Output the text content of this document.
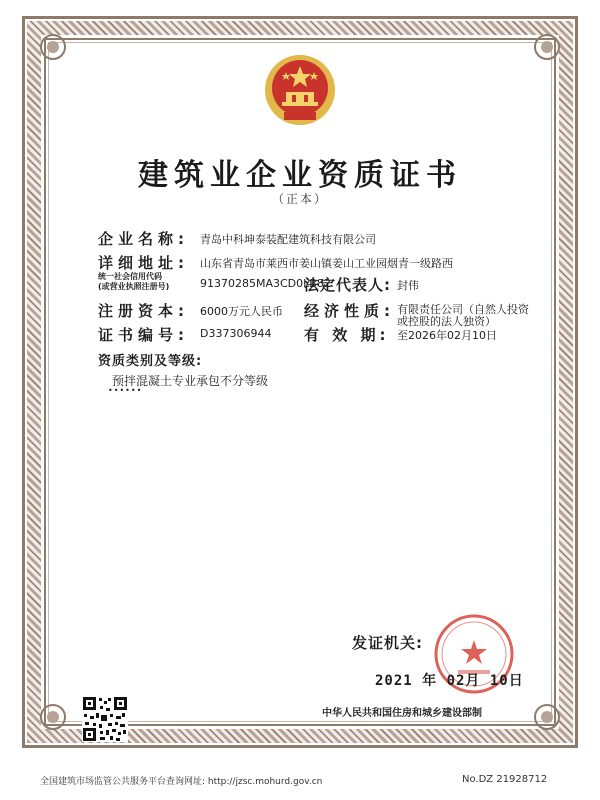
建筑业企业资质证书
（正本）
企业名称: 青岛中科坤泰装配建筑科技有限公司
详细地址: 山东省青岛市莱西市姜山镇姜山工业园烟青一级路西
统一社会信用代码
(或营业执照注册号)	91370285MA3CD0LB82
法定代表人: 封伟
注册资本: 6000万元人民币 经济性质: 有限责任公司（自然人投资
或控股的法人独资）
证书编号: D337306944 有 效 期: 至2026年02月10日
资质类别及等级:
预拌混凝土专业承包不分等级
••••••
发证机关:
2021 年 02月 10日
中华人民共和国住房和城乡建设部制
全国建筑市场监管公共服务平台查询网址: http://jzsc.mohurd.gov.cn	No.DZ 21928712
